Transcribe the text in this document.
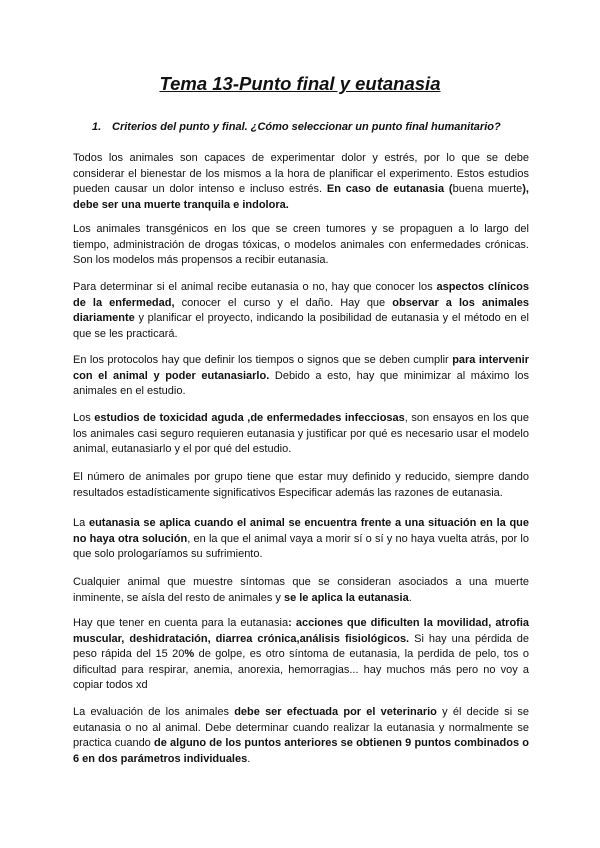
Tema 13-Punto final y eutanasia
1. Criterios del punto y final. ¿Cómo seleccionar un punto final humanitario?

Todos los animales son capaces de experimentar dolor y estrés, por lo que se debe considerar el bienestar de los mismos a la hora de planificar el experimento. Estos estudios pueden causar un dolor intenso e incluso estrés. En caso de eutanasia (buena muerte), debe ser una muerte tranquila e indolora.

Los animales transgénicos en los que se creen tumores y se propaguen a lo largo del tiempo, administración de drogas tóxicas, o modelos animales con enfermedades crónicas. Son los modelos más propensos a recibir eutanasia.

Para determinar si el animal recibe eutanasia o no, hay que conocer los aspectos clínicos de la enfermedad, conocer el curso y el daño. Hay que observar a los animales diariamente y planificar el proyecto, indicando la posibilidad de eutanasia y el método en el que se les practicará.

En los protocolos hay que definir los tiempos o signos que se deben cumplir para intervenir con el animal y poder eutanasiarlo. Debido a esto, hay que minimizar al máximo los animales en el estudio.

Los estudios de toxicidad aguda ,de enfermedades infecciosas, son ensayos en los que los animales casi seguro requieren eutanasia y justificar por qué es necesario usar el modelo animal, eutanasiarlo y el por qué del estudio.

El número de animales por grupo tiene que estar muy definido y reducido, siempre dando resultados estadísticamente significativos Especificar además las razones de eutanasia.

La eutanasia se aplica cuando el animal se encuentra frente a una situación en la que no haya otra solución, en la que el animal vaya a morir sí o sí y no haya vuelta atrás, por lo que solo prologaríamos su sufrimiento.

Cualquier animal que muestre síntomas que se consideran asociados a una muerte inminente, se aísla del resto de animales y se le aplica la eutanasia.

Hay que tener en cuenta para la eutanasia: acciones que dificulten la movilidad, atrofia muscular, deshidratación, diarrea crónica,análisis fisiológicos. Si hay una pérdida de peso rápida del 15 20% de golpe, es otro síntoma de eutanasia, la perdida de pelo, tos o dificultad para respirar, anemia, anorexia, hemorragias... hay muchos más pero no voy a copiar todos xd

La evaluación de los animales debe ser efectuada por el veterinario y él decide si se eutanasia o no al animal. Debe determinar cuando realizar la eutanasia y normalmente se practica cuando de alguno de los puntos anteriores se obtienen 9 puntos combinados o 6 en dos parámetros individuales.
